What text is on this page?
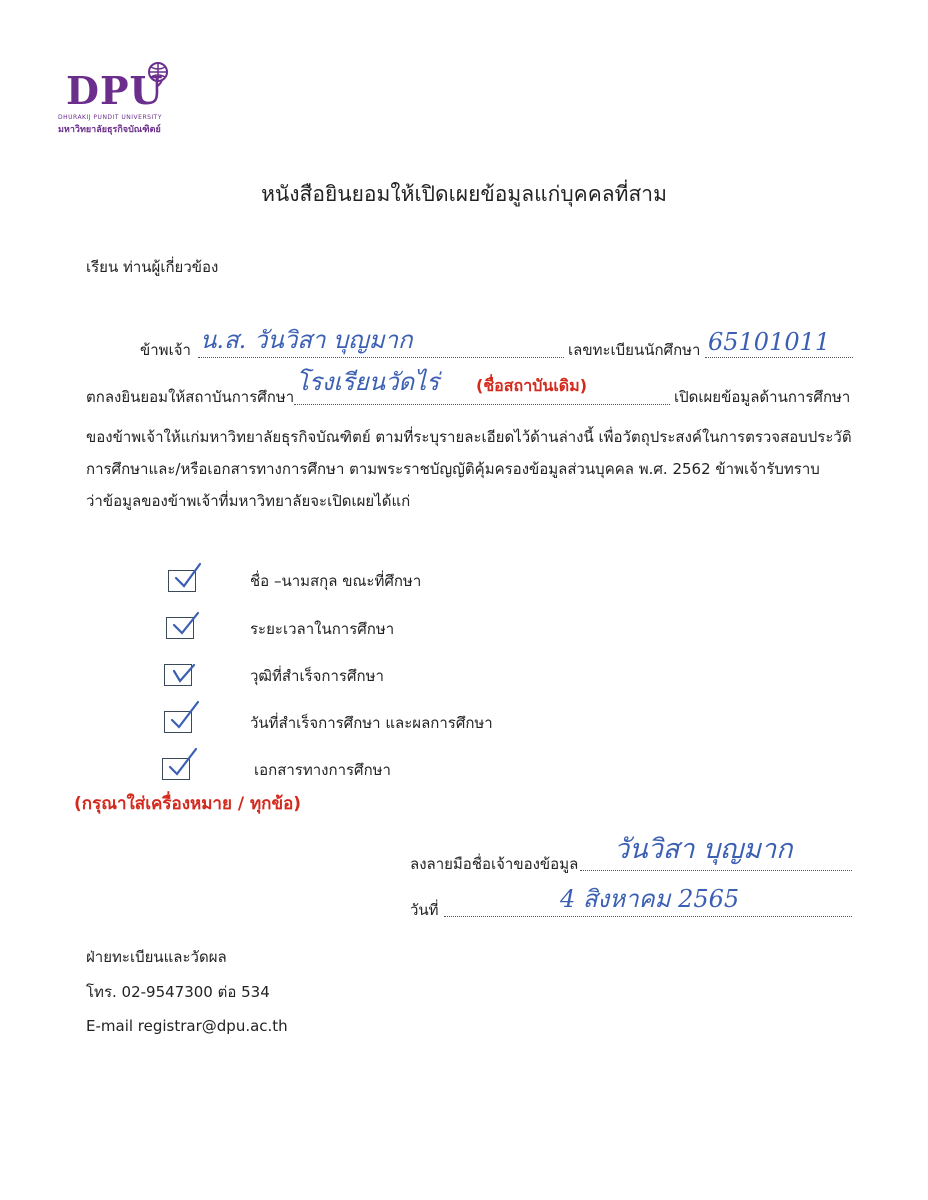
DPU
DHURAKIJ PUNDIT UNIVERSITY
มหาวิทยาลัยธุรกิจบัณฑิตย์
หนังสือยินยอมให้เปิดเผยข้อมูลแก่บุคคลที่สาม
เรียน ท่านผู้เกี่ยวข้อง
ข้าพเจ้า น.ส. วันวิสา บุญมาก	เลขทะเบียนนักศึกษา 65101011
ตกลงยินยอมให้สถาบันการศึกษา
โรงเรียนวัดไร่ (ชื่อสถาบันเดิม)
เปิดเผยข้อมูลด้านการศึกษา
ของข้าพเจ้าให้แก่มหาวิทยาลัยธุรกิจบัณฑิตย์ ตามที่ระบุรายละเอียดไว้ด้านล่างนี้ เพื่อวัตถุประสงค์ในการตรวจสอบประวัติ
การศึกษาและ/หรือเอกสารทางการศึกษา ตามพระราชบัญญัติคุ้มครองข้อมูลส่วนบุคคล พ.ศ. 2562 ข้าพเจ้ารับทราบ
ว่าข้อมูลของข้าพเจ้าที่มหาวิทยาลัยจะเปิดเผยได้แก่
ชื่อ –นามสกุล ขณะที่ศึกษา
ระยะเวลาในการศึกษา
วุฒิที่สำเร็จการศึกษา
วันที่สำเร็จการศึกษา และผลการศึกษา
เอกสารทางการศึกษา
(กรุณาใส่เครื่องหมาย / ทุกข้อ)
ลงลายมือชื่อเจ้าของข้อมูล วันวิสา บุญมาก
วันที่	4 สิงหาคม 2565
ฝ่ายทะเบียนและวัดผล
โทร. 02-9547300 ต่อ 534
E-mail registrar@dpu.ac.th
